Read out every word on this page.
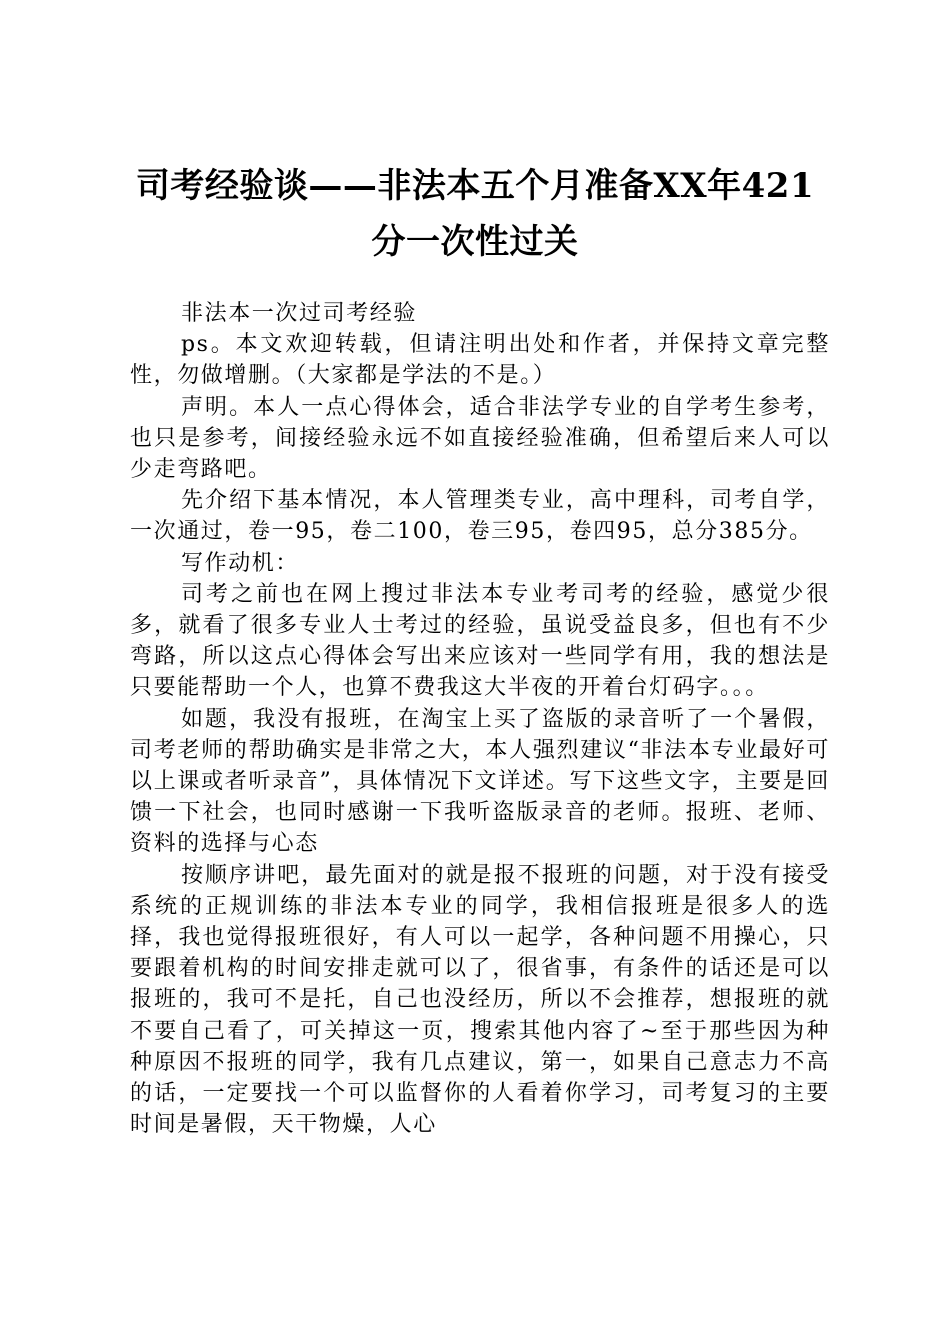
司考经验谈——非法本五个月准备XX年421
分一次性过关

非法本一次过司考经验

ps。本文欢迎转载，但请注明出处和作者，并保持文章完整性，勿做增删。（大家都是学法的不是。）

声明。本人一点心得体会，适合非法学专业的自学考生参考，也只是参考，间接经验永远不如直接经验准确，但希望后来人可以少走弯路吧。

先介绍下基本情况，本人管理类专业，高中理科，司考自学，一次通过，卷一95，卷二100，卷三95，卷四95，总分385分。

写作动机：

司考之前也在网上搜过非法本专业考司考的经验，感觉少很多，就看了很多专业人士考过的经验，虽说受益良多，但也有不少弯路，所以这点心得体会写出来应该对一些同学有用，我的想法是只要能帮助一个人，也算不费我这大半夜的开着台灯码字。。。

如题，我没有报班，在淘宝上买了盗版的录音听了一个暑假，司考老师的帮助确实是非常之大，本人强烈建议“非法本专业最好可以上课或者听录音”，具体情况下文详述。写下这些文字，主要是回馈一下社会，也同时感谢一下我听盗版录音的老师。报班、老师、资料的选择与心态

按顺序讲吧，最先面对的就是报不报班的问题，对于没有接受系统的正规训练的非法本专业的同学，我相信报班是很多人的选择，我也觉得报班很好，有人可以一起学，各种问题不用操心，只要跟着机构的时间安排走就可以了，很省事，有条件的话还是可以报班的，我可不是托，自己也没经历，所以不会推荐，想报班的就不要自己看了，可关掉这一页，搜索其他内容了~至于那些因为种种原因不报班的同学，我有几点建议，第一，如果自己意志力不高的话，一定要找一个可以监督你的人看着你学习，司考复习的主要时间是暑假，天干物燥，人心
